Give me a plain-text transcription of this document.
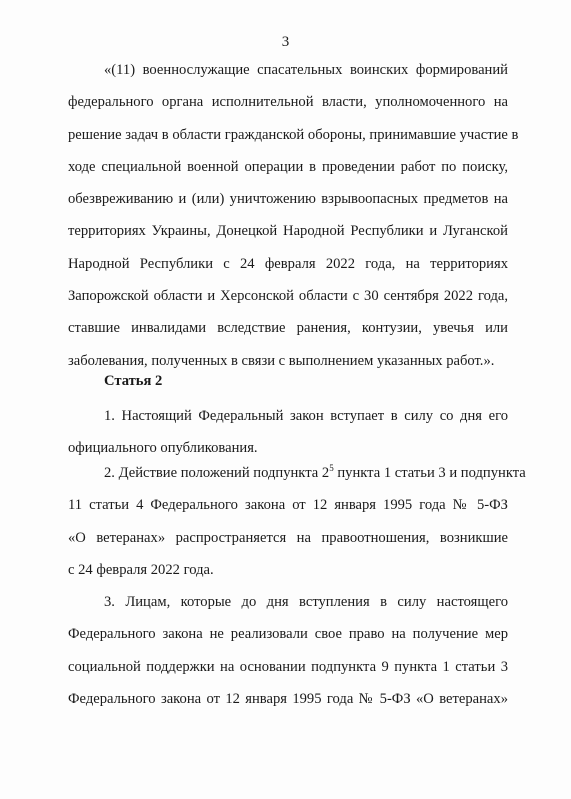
3
«(11) военнослужащие спасательных воинских формирований
федерального органа исполнительной власти, уполномоченного на
решение задач в области гражданской обороны, принимавшие участие в
ходе специальной военной операции в проведении работ по поиску,
обезвреживанию и (или) уничтожению взрывоопасных предметов на
территориях Украины, Донецкой Народной Республики и Луганской
Народной Республики с 24 февраля 2022 года, на территориях
Запорожской области и Херсонской области с 30 сентября 2022 года,
ставшие инвалидами вследствие ранения, контузии, увечья или
заболевания, полученных в связи с выполнением указанных работ.».
Статья 2
1. Настоящий Федеральный закон вступает в силу со дня его
официального опубликования.
2. Действие положений подпункта $2^5$ пункта 1 статьи 3 и подпункта
11 статьи 4 Федерального закона от 12 января 1995 года № 5-ФЗ
«О ветеранах» распространяется на правоотношения, возникшие
с 24 февраля 2022 года.
3. Лицам, которые до дня вступления в силу настоящего
Федерального закона не реализовали свое право на получение мер
социальной поддержки на основании подпункта 9 пункта 1 статьи 3
Федерального закона от 12 января 1995 года № 5-ФЗ «О ветеранах»
